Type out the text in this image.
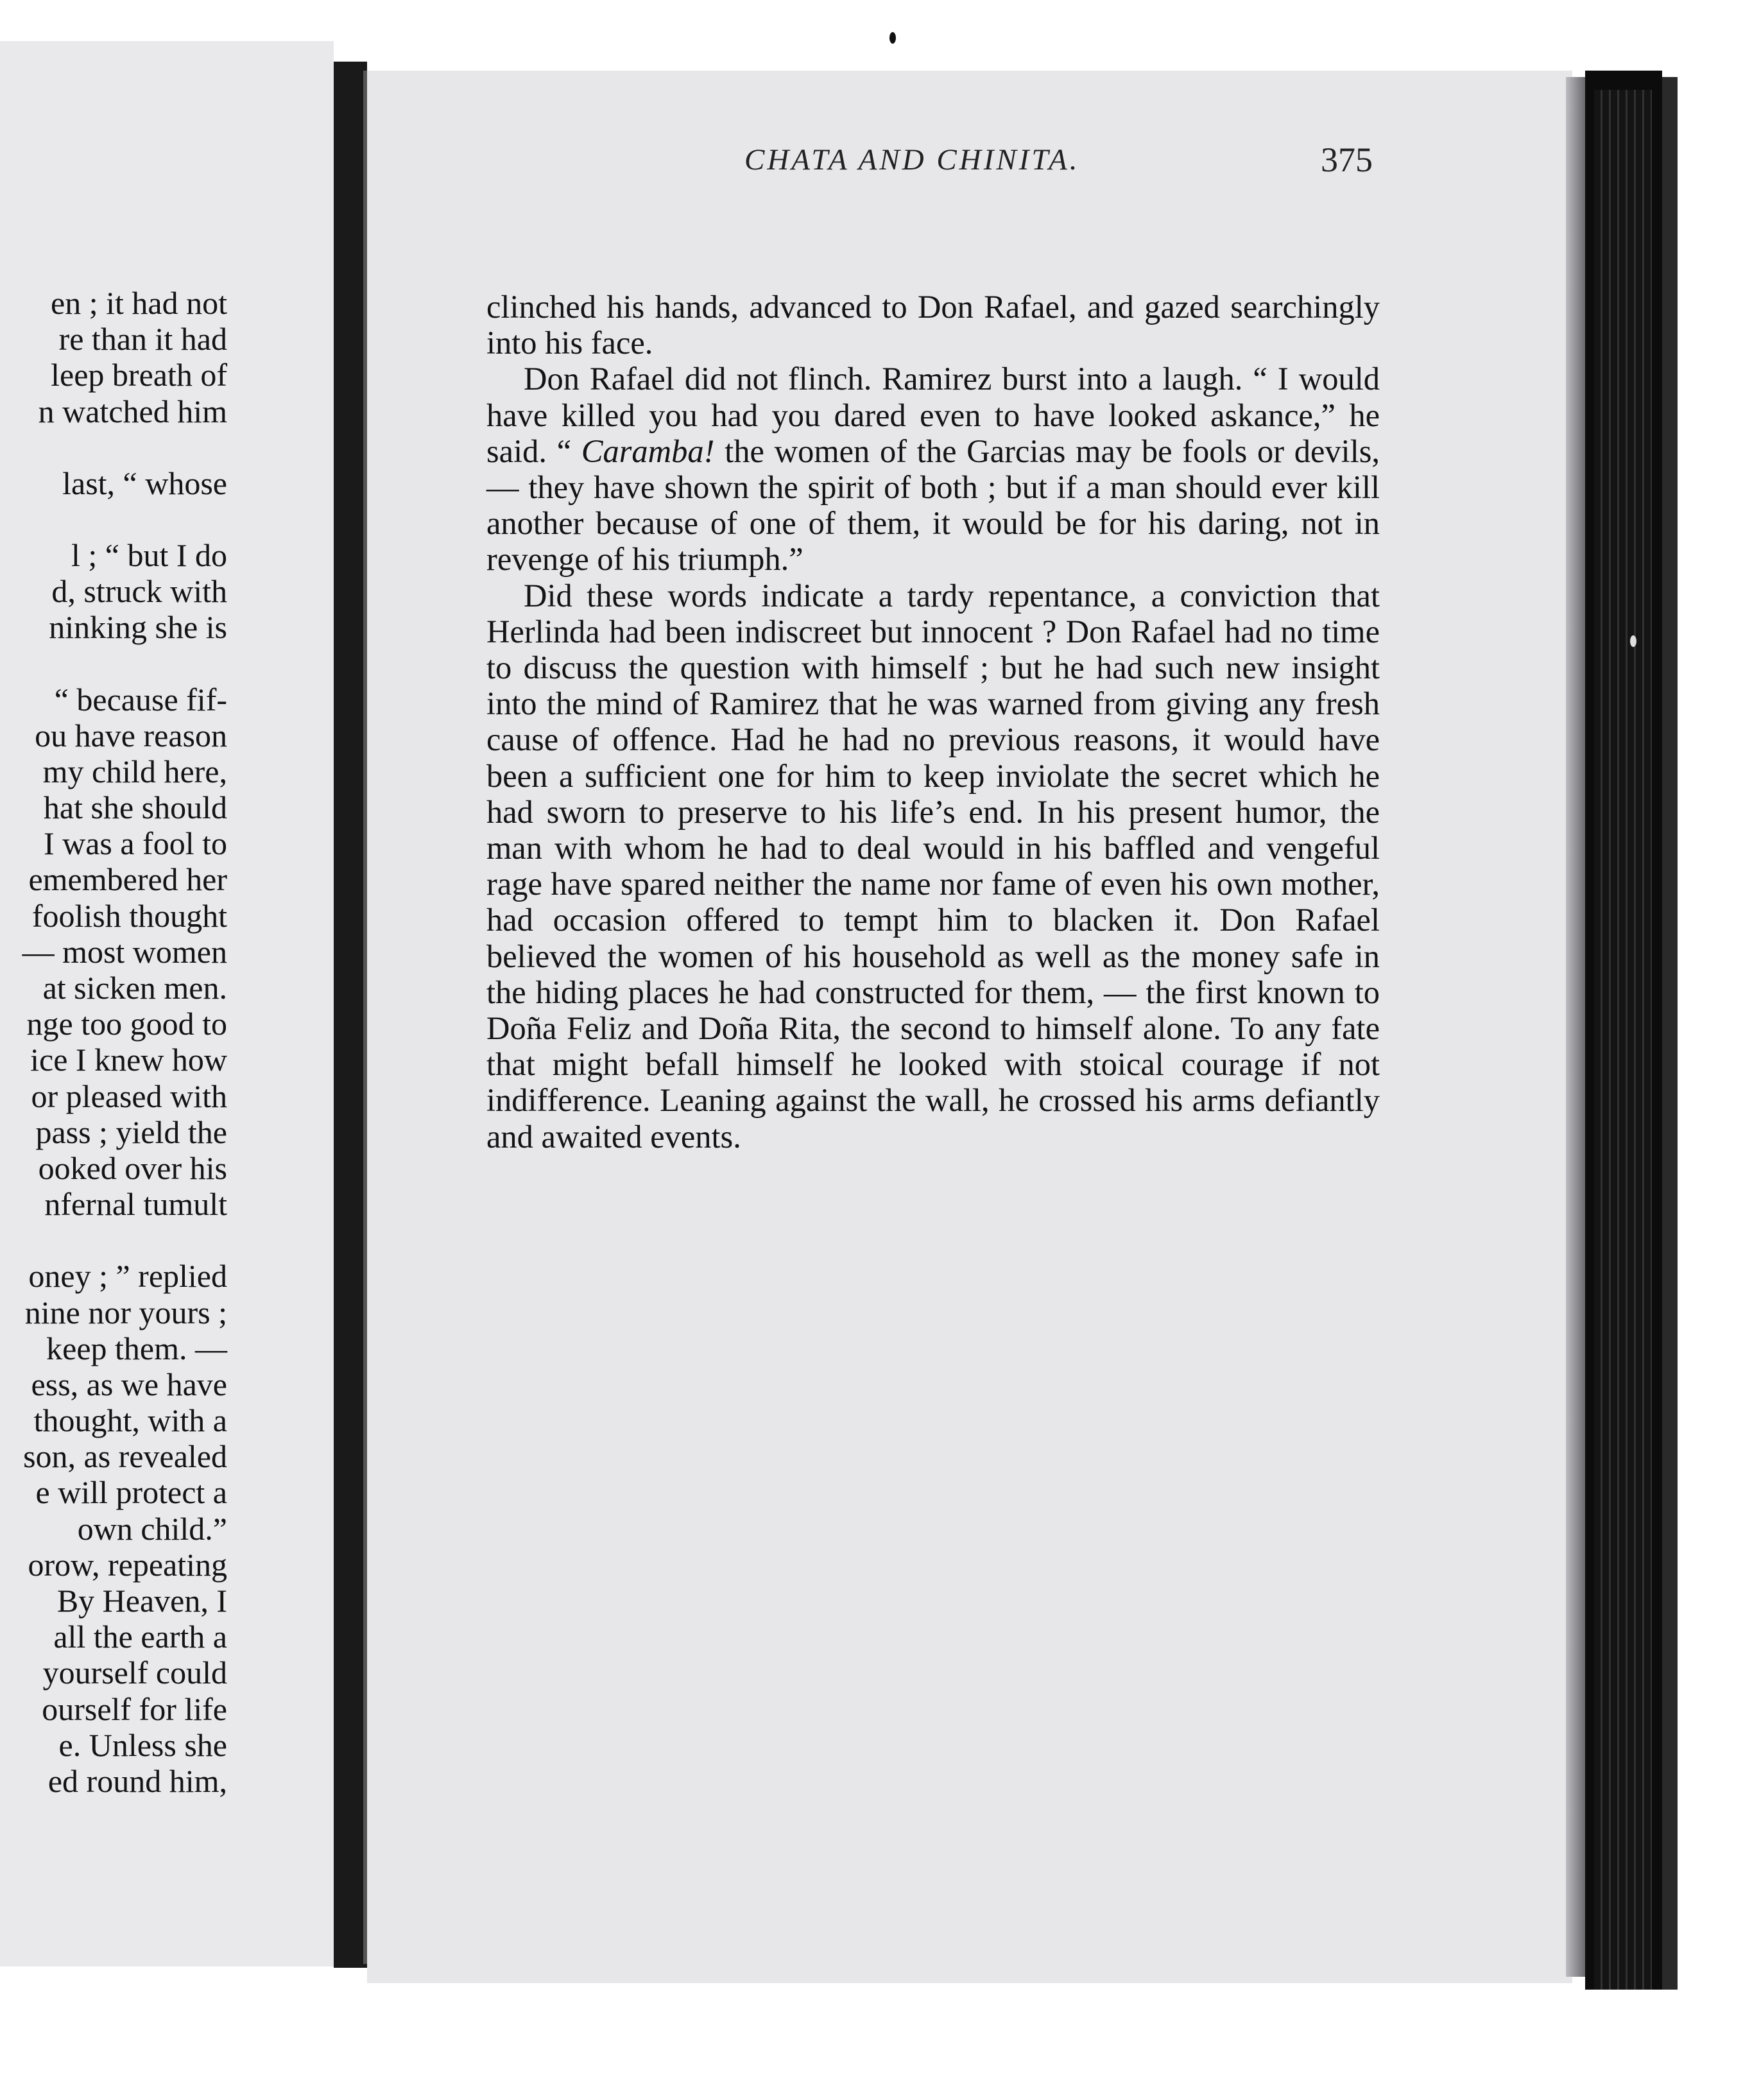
en ; it had not
re than it had
leep breath of
n watched him
last, “ whose
l ; “ but I do
d, struck with
ninking she is
“ because fif-
ou have reason
my child here,
hat she should
I was a fool to
emembered her
foolish thought
— most women
at sicken men.
nge too good to
ice I knew how
or pleased with
pass ; yield the
ooked over his
nfernal tumult
oney ; ” replied
nine nor yours ;
keep them. —
ess, as we have
thought, with a
son, as revealed
e will protect a
own child.”
orow, repeating
By Heaven, I
all the earth a
yourself could
ourself for life
e. Unless she
ed round him,
CHATA AND CHINITA.	375

clinched his hands, advanced to Don Rafael, and gazed searchingly into his face.

Don Rafael did not flinch. Ramirez burst into a laugh. “ I would have killed you had you dared even to have looked askance,” he said. “ Caramba! the women of the Garcias may be fools or devils,— they have shown the spirit of both ; but if a man should ever kill another because of one of them, it would be for his daring, not in revenge of his triumph.”

Did these words indicate a tardy repentance, a conviction that Herlinda had been indiscreet but innocent ? Don Rafael had no time to discuss the question with himself ; but he had such new insight into the mind of Ramirez that he was warned from giving any fresh cause of offence. Had he had no previous reasons, it would have been a sufficient one for him to keep inviolate the secret which he had sworn to preserve to his life’s end. In his present humor, the man with whom he had to deal would in his baffled and vengeful rage have spared neither the name nor fame of even his own mother, had occasion offered to tempt him to blacken it. Don Rafael believed the women of his household as well as the money safe in the hiding places he had constructed for them, — the first known to Doña Feliz and Doña Rita, the second to himself alone. To any fate that might befall himself he looked with stoical courage if not indifference. Leaning against the wall, he crossed his arms defiantly and awaited events.
